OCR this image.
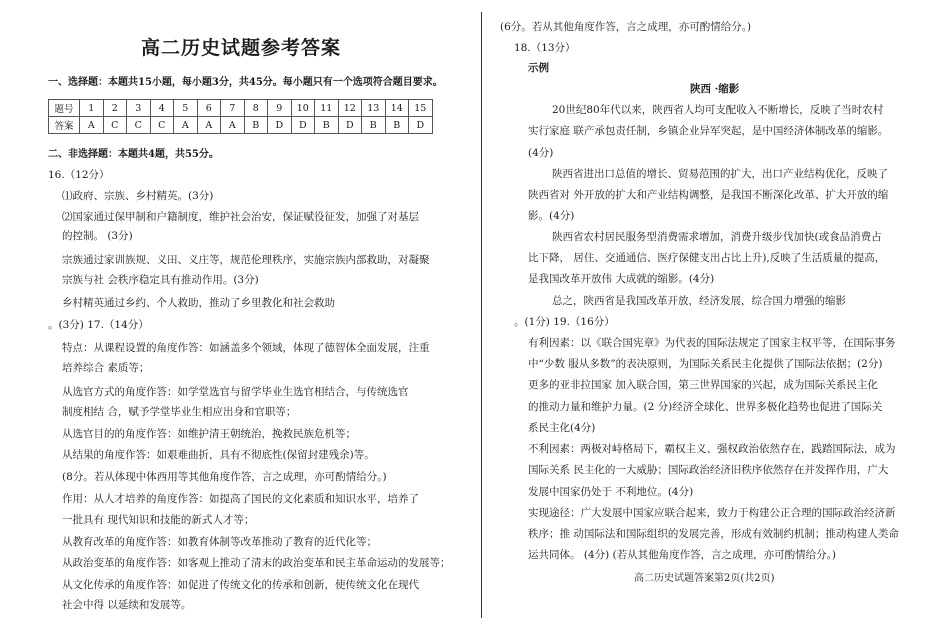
高二历史试题参考答案
一、选择题：本题共15小题，每小题3分，共45分。每小题只有一个选项符合题目要求。
题号	1	2	3	4	5	6	7	8	9	10	11	12	13	14	15
答案	A	C	C	C	A	A	A	B	D	D	B	D	B	B	D
二、非选择题：本题共4题，共55分。
16.（12分）
⑴政府、宗族、乡村精英。(3分)
⑵国家通过保甲制和户籍制度，维护社会治安，保证赋役征发，加强了对基层
的控制。 (3分)
宗族通过家训族规、义田、义庄等，规范伦理秩序，实施宗族内部救助，对凝聚
宗族与社 会秩序稳定具有推动作用。(3分)
乡村精英通过乡约、个人救助，推动了乡里教化和社会救助
。(3分) 17.（14分）
特点：从课程设置的角度作答：如涵盖多个领域，体现了德智体全面发展，注重
培养综合 素质等；
从选官方式的角度作答：如学堂选官与留学毕业生选官相结合，与传统选官
制度相结 合，赋予学堂毕业生相应出身和官职等；
从选官目的的角度作答：如维护清王朝统治，挽救民族危机等；
从结果的角度作答：如艰难曲折，具有不彻底性(保留封建残余)等。
(8分。若从体现中体西用等其他角度作答，言之成理，亦可酌情给分。)
作用：从人才培养的角度作答：如提高了国民的文化素质和知识水平，培养了
一批具有 现代知识和技能的新式人才等；
从教育改革的角度作答：如教育体制等改革推动了教育的近代化等；
从政治变革的角度作答：如客观上推动了清末的政治变革和民主革命运动的发展等；
从文化传承的角度作答：如促进了传统文化的传承和创新，使传统文化在现代
社会中得 以延续和发展等。
(6分。若从其他角度作答，言之成理，亦可酌情给分。)
18.（13分）
示例
陕西 ·缩影
20世纪80年代以来，陕西省人均可支配收入不断增长，反映了当时农村
实行家庭 联产承包责任制，乡镇企业异军突起，是中国经济体制改革的缩影。
(4分)
陕西省进出口总值的增长、贸易范围的扩大，出口产业结构优化，反映了
陕西省对 外开放的扩大和产业结构调整，是我国不断深化改革、扩大开放的缩
影。(4分)
陕西省农村居民服务型消费需求增加，消费升级步伐加快(或食品消费占
比下降， 居住、交通通信、医疗保健支出占比上升),反映了生活质量的提高，
是我国改革开放伟 大成就的缩影。(4分)
总之，陕西省是我国改革开放，经济发展，综合国力增强的缩影
。(1分) 19.（16分）
有利因素：以《联合国宪章》为代表的国际法规定了国家主权平等，在国际事务
中“少数 服从多数”的表决原则，为国际关系民主化提供了国际法依据；(2分)
更多的亚非拉国家 加入联合国，第三世界国家的兴起，成为国际关系民主化
的推动力量和维护力量。(2 分)经济全球化、世界多极化趋势也促进了国际关
系民主化(4分)
不利因素：两极对峙格局下，霸权主义、强权政治依然存在，践踏国际法，成为
国际关系 民主化的一大威胁；国际政治经济旧秩序依然存在并发挥作用，广大
发展中国家仍处于 不利地位。(4分)
实现途径：广大发展中国家应联合起来，致力于构建公正合理的国际政治经济新
秩序；推 动国际法和国际组织的发展完善，形成有效制约机制；推动构建人类命
运共同体。 (4分) (若从其他角度作答，言之成理，亦可酌情给分。)
高二历史试题答案第2页(共2页)
